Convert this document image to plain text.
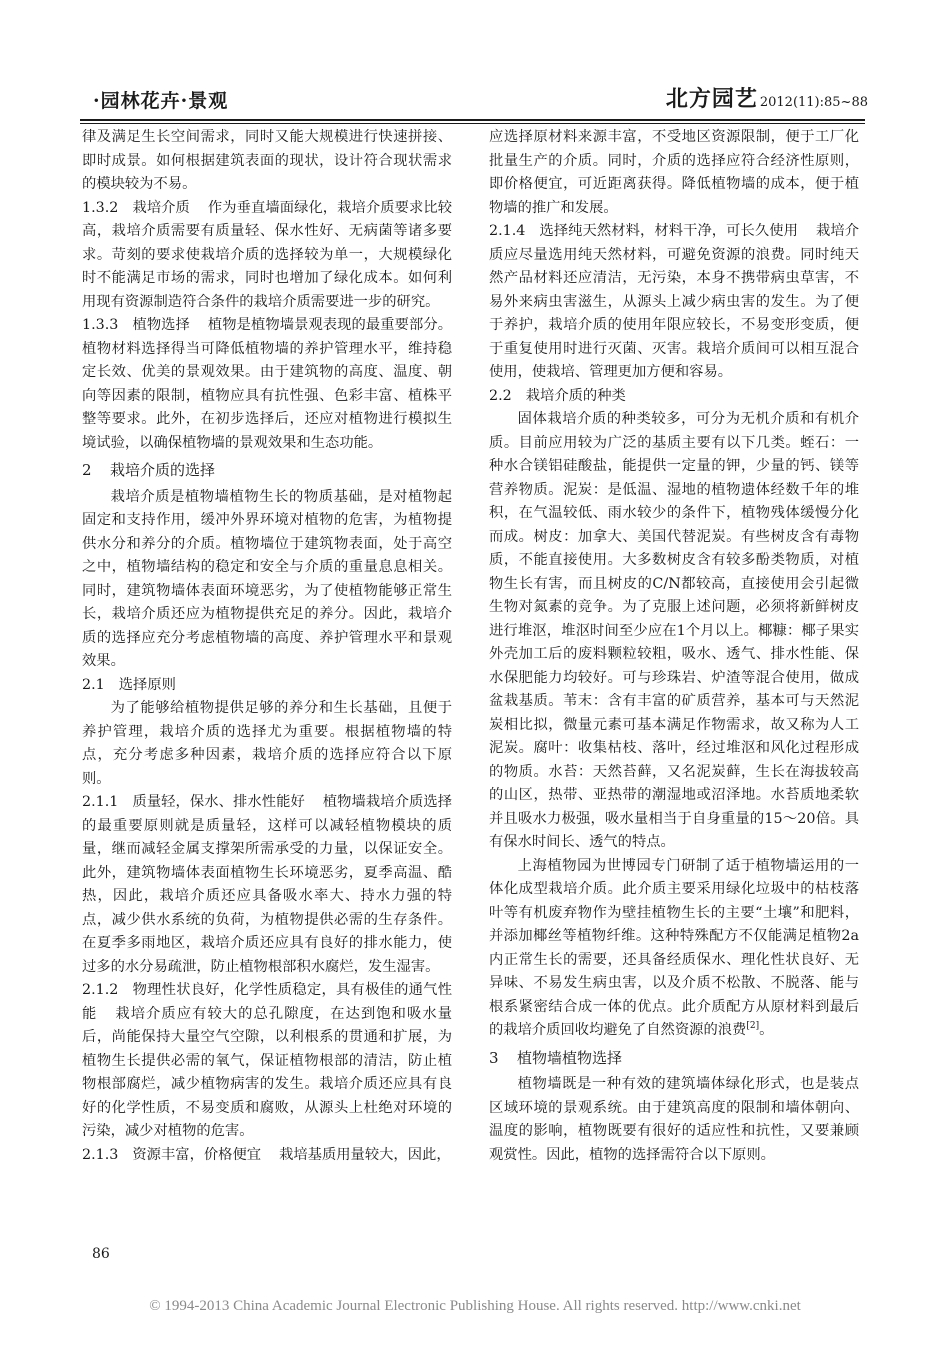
·园林花卉·景观	北方园艺 2012(11):85~88

律及满足生长空间需求，同时又能大规模进行快速拼接、即时成景。如何根据建筑表面的现状，设计符合现状需求的模块较为不易。

1.3.2 栽培介质 作为垂直墙面绿化，栽培介质要求比较高，栽培介质需要有质量轻、保水性好、无病菌等诸多要求。苛刻的要求使栽培介质的选择较为单一，大规模绿化时不能满足市场的需求，同时也增加了绿化成本。如何利用现有资源制造符合条件的栽培介质需要进一步的研究。

1.3.3 植物选择 植物是植物墙景观表现的最重要部分。植物材料选择得当可降低植物墙的养护管理水平，维持稳定长效、优美的景观效果。由于建筑物的高度、温度、朝向等因素的限制，植物应具有抗性强、色彩丰富、植株平整等要求。此外，在初步选择后，还应对植物进行模拟生境试验，以确保植物墙的景观效果和生态功能。

2 栽培介质的选择

栽培介质是植物墙植物生长的物质基础，是对植物起固定和支持作用，缓冲外界环境对植物的危害，为植物提供水分和养分的介质。植物墙位于建筑物表面，处于高空之中，植物墙结构的稳定和安全与介质的重量息息相关。同时，建筑物墙体表面环境恶劣，为了使植物能够正常生长，栽培介质还应为植物提供充足的养分。因此，栽培介质的选择应充分考虑植物墙的高度、养护管理水平和景观效果。

2.1 选择原则

为了能够给植物提供足够的养分和生长基础，且便于养护管理，栽培介质的选择尤为重要。根据植物墙的特点，充分考虑多种因素，栽培介质的选择应符合以下原则。

2.1.1 质量轻，保水、排水性能好 植物墙栽培介质选择的最重要原则就是质量轻，这样可以减轻植物模块的质量，继而减轻金属支撑架所需承受的力量，以保证安全。此外，建筑物墙体表面植物生长环境恶劣，夏季高温、酷热，因此，栽培介质还应具备吸水率大、持水力强的特点，减少供水系统的负荷，为植物提供必需的生存条件。在夏季多雨地区，栽培介质还应具有良好的排水能力，使过多的水分易疏泄，防止植物根部积水腐烂，发生湿害。

2.1.2 物理性状良好，化学性质稳定，具有极佳的通气性能 栽培介质应有较大的总孔隙度，在达到饱和吸水量后，尚能保持大量空气空隙，以利根系的贯通和扩展，为植物生长提供必需的氧气，保证植物根部的清洁，防止植物根部腐烂，减少植物病害的发生。栽培介质还应具有良好的化学性质，不易变质和腐败，从源头上杜绝对环境的污染，减少对植物的危害。

2.1.3 资源丰富，价格便宜 栽培基质用量较大，因此，

应选择原材料来源丰富，不受地区资源限制，便于工厂化批量生产的介质。同时，介质的选择应符合经济性原则，即价格便宜，可近距离获得。降低植物墙的成本，便于植物墙的推广和发展。

2.1.4 选择纯天然材料，材料干净，可长久使用 栽培介质应尽量选用纯天然材料，可避免资源的浪费。同时纯天然产品材料还应清洁，无污染，本身不携带病虫草害，不易外来病虫害滋生，从源头上减少病虫害的发生。为了便于养护，栽培介质的使用年限应较长，不易变形变质，便于重复使用时进行灭菌、灭害。栽培介质间可以相互混合使用，使栽培、管理更加方便和容易。

2.2 栽培介质的种类

固体栽培介质的种类较多，可分为无机介质和有机介质。目前应用较为广泛的基质主要有以下几类。蛭石：一种水合镁铝硅酸盐，能提供一定量的钾，少量的钙、镁等营养物质。泥炭：是低温、湿地的植物遗体经数千年的堆积，在气温较低、雨水较少的条件下，植物残体缓慢分化而成。树皮：加拿大、美国代替泥炭。有些树皮含有毒物质，不能直接使用。大多数树皮含有较多酚类物质，对植物生长有害，而且树皮的C/N都较高，直接使用会引起微生物对氮素的竞争。为了克服上述问题，必须将新鲜树皮进行堆沤，堆沤时间至少应在1个月以上。椰糠：椰子果实外壳加工后的废料颗粒较粗，吸水、透气、排水性能、保水保肥能力均较好。可与珍珠岩、炉渣等混合使用，做成盆栽基质。苇末：含有丰富的矿质营养，基本可与天然泥炭相比拟，微量元素可基本满足作物需求，故又称为人工泥炭。腐叶：收集枯枝、落叶，经过堆沤和风化过程形成的物质。水苔：天然苔藓，又名泥炭藓，生长在海拔较高的山区，热带、亚热带的潮湿地或沼泽地。水苔质地柔软并且吸水力极强，吸水量相当于自身重量的15～20倍。具有保水时间长、透气的特点。

上海植物园为世博园专门研制了适于植物墙运用的一体化成型栽培介质。此介质主要采用绿化垃圾中的枯枝落叶等有机废弃物作为壁挂植物生长的主要“土壤”和肥料，并添加椰丝等植物纤维。这种特殊配方不仅能满足植物2a内正常生长的需要，还具备经质保水、理化性状良好、无异味、不易发生病虫害，以及介质不松散、不脱落、能与根系紧密结合成一体的优点。此介质配方从原材料到最后的栽培介质回收均避免了自然资源的浪费[2]。

3 植物墙植物选择

植物墙既是一种有效的建筑墙体绿化形式，也是装点区域环境的景观系统。由于建筑高度的限制和墙体朝向、温度的影响，植物既要有很好的适应性和抗性，又要兼顾观赏性。因此，植物的选择需符合以下原则。

86
© 1994-2013 China Academic Journal Electronic Publishing House. All rights reserved. http://www.cnki.net
